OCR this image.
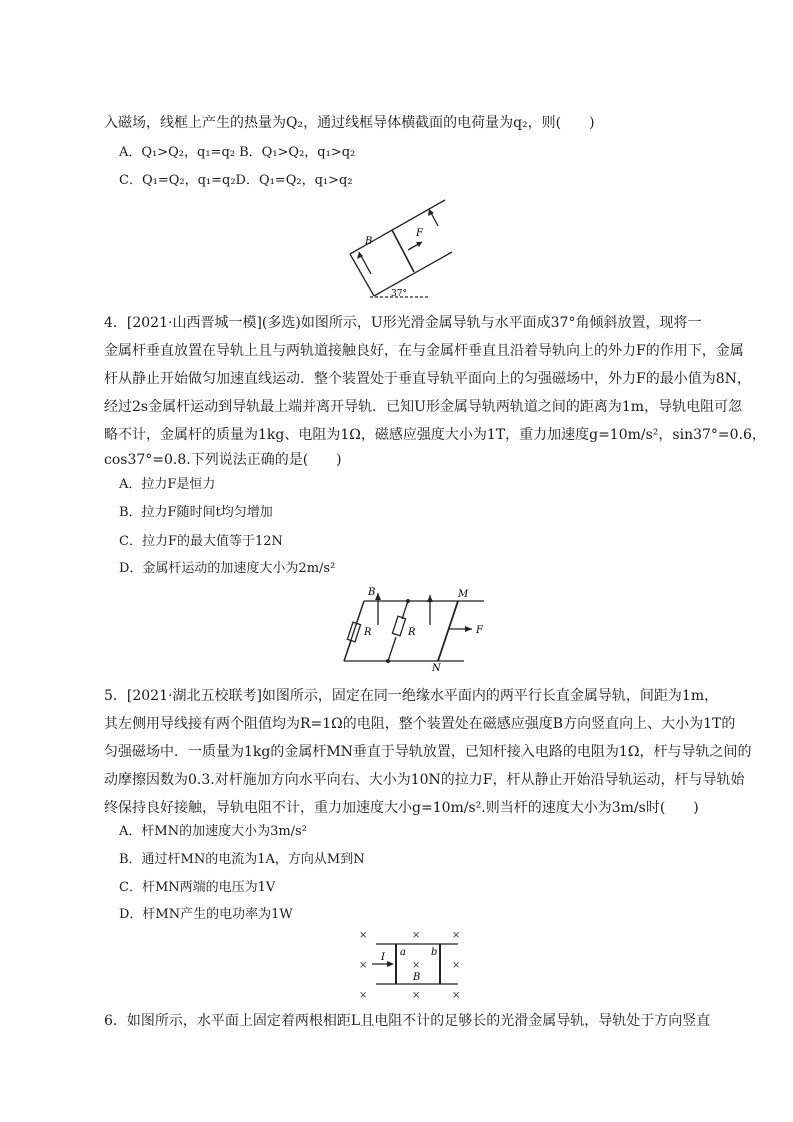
入磁场，线框上产生的热量为Q₂，通过线框导体横截面的电荷量为q₂，则(　　)
A．Q₁>Q₂，q₁=q₂ B．Q₁>Q₂，q₁>q₂
C．Q₁=Q₂，q₁=q₂D．Q₁=Q₂，q₁>q₂
B
F
37°
4．[2021·山西晋城一模](多选)如图所示，U形光滑金属导轨与水平面成37°角倾斜放置，现将一
金属杆垂直放置在导轨上且与两轨道接触良好，在与金属杆垂直且沿着导轨向上的外力F的作用下，金属
杆从静止开始做匀加速直线运动．整个装置处于垂直导轨平面向上的匀强磁场中，外力F的最小值为8N，
经过2s金属杆运动到导轨最上端并离开导轨．已知U形金属导轨两轨道之间的距离为1m，导轨电阻可忽
略不计，金属杆的质量为1kg、电阻为1Ω，磁感应强度大小为1T，重力加速度g=10m/s²，sin37°=0.6，
cos37°=0.8.下列说法正确的是(　　)
A．拉力F是恒力
B．拉力F随时间t均匀增加
C．拉力F的最大值等于12N
D．金属杆运动的加速度大小为2m/s²
B
R	R
M
N
F
5．[2021·湖北五校联考]如图所示，固定在同一绝缘水平面内的两平行长直金属导轨，间距为1m，
其左侧用导线接有两个阻值均为R=1Ω的电阻，整个装置处在磁感应强度B方向竖直向上、大小为1T的
匀强磁场中．一质量为1kg的金属杆MN垂直于导轨放置，已知杆接入电路的电阻为1Ω，杆与导轨之间的
动摩擦因数为0.3.对杆施加方向水平向右、大小为10N的拉力F，杆从静止开始沿导轨运动，杆与导轨始
终保持良好接触，导轨电阻不计，重力加速度大小g=10m/s².则当杆的速度大小为3m/s时(　　)
A．杆MN的加速度大小为3m/s²
B．通过杆MN的电流为1A，方向从M到N
C．杆MN两端的电压为1V
D．杆MN产生的电功率为1W
×	×	×
×	×	×
×	×	×
I a	b
B
6．如图所示，水平面上固定着两根相距L且电阻不计的足够长的光滑金属导轨，导轨处于方向竖直
